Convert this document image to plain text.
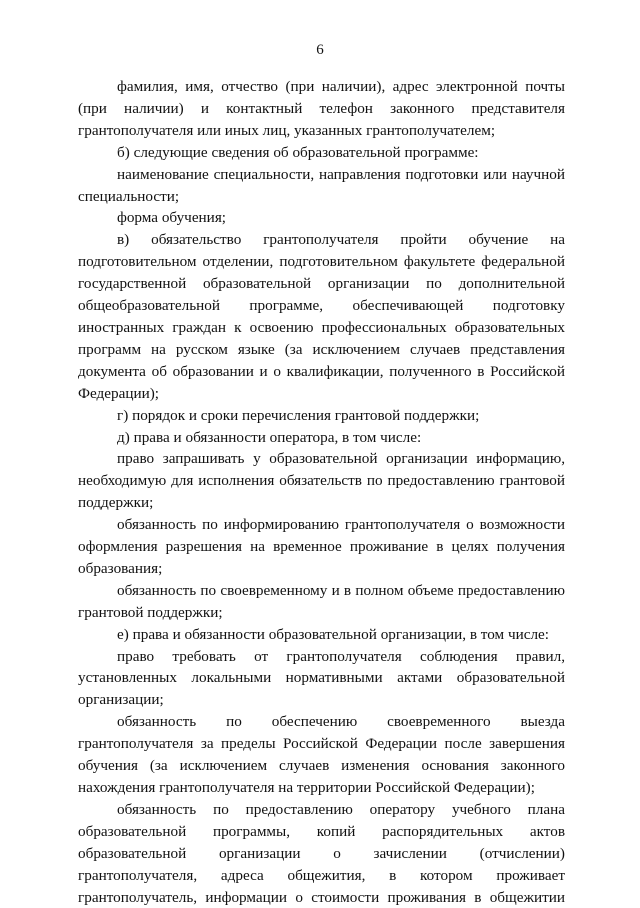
6

фамилия, имя, отчество (при наличии), адрес электронной почты (при наличии) и контактный телефон законного представителя грантополучателя или иных лиц, указанных грантополучателем;

б) следующие сведения об образовательной программе:

наименование специальности, направления подготовки или научной специальности;

форма обучения;

в) обязательство грантополучателя пройти обучение на подготовительном отделении, подготовительном факультете федеральной государственной образовательной организации по дополнительной общеобразовательной программе, обеспечивающей подготовку иностранных граждан к освоению профессиональных образовательных программ на русском языке (за исключением случаев представления документа об образовании и о квалификации, полученного в Российской Федерации);

г) порядок и сроки перечисления грантовой поддержки;

д) права и обязанности оператора, в том числе:

право запрашивать у образовательной организации информацию, необходимую для исполнения обязательств по предоставлению грантовой поддержки;

обязанность по информированию грантополучателя о возможности оформления разрешения на временное проживание в целях получения образования;

обязанность по своевременному и в полном объеме предоставлению грантовой поддержки;

е) права и обязанности образовательной организации, в том числе:

право требовать от грантополучателя соблюдения правил, установленных локальными нормативными актами образовательной организации;

обязанность по обеспечению своевременного выезда грантополучателя за пределы Российской Федерации после завершения обучения (за исключением случаев изменения основания законного нахождения грантополучателя на территории Российской Федерации);

обязанность по предоставлению оператору учебного плана образовательной программы, копий распорядительных актов образовательной организации о зачислении (отчислении) грантополучателя, адреса общежития, в котором проживает грантополучатель, информации о стоимости проживания в общежитии
